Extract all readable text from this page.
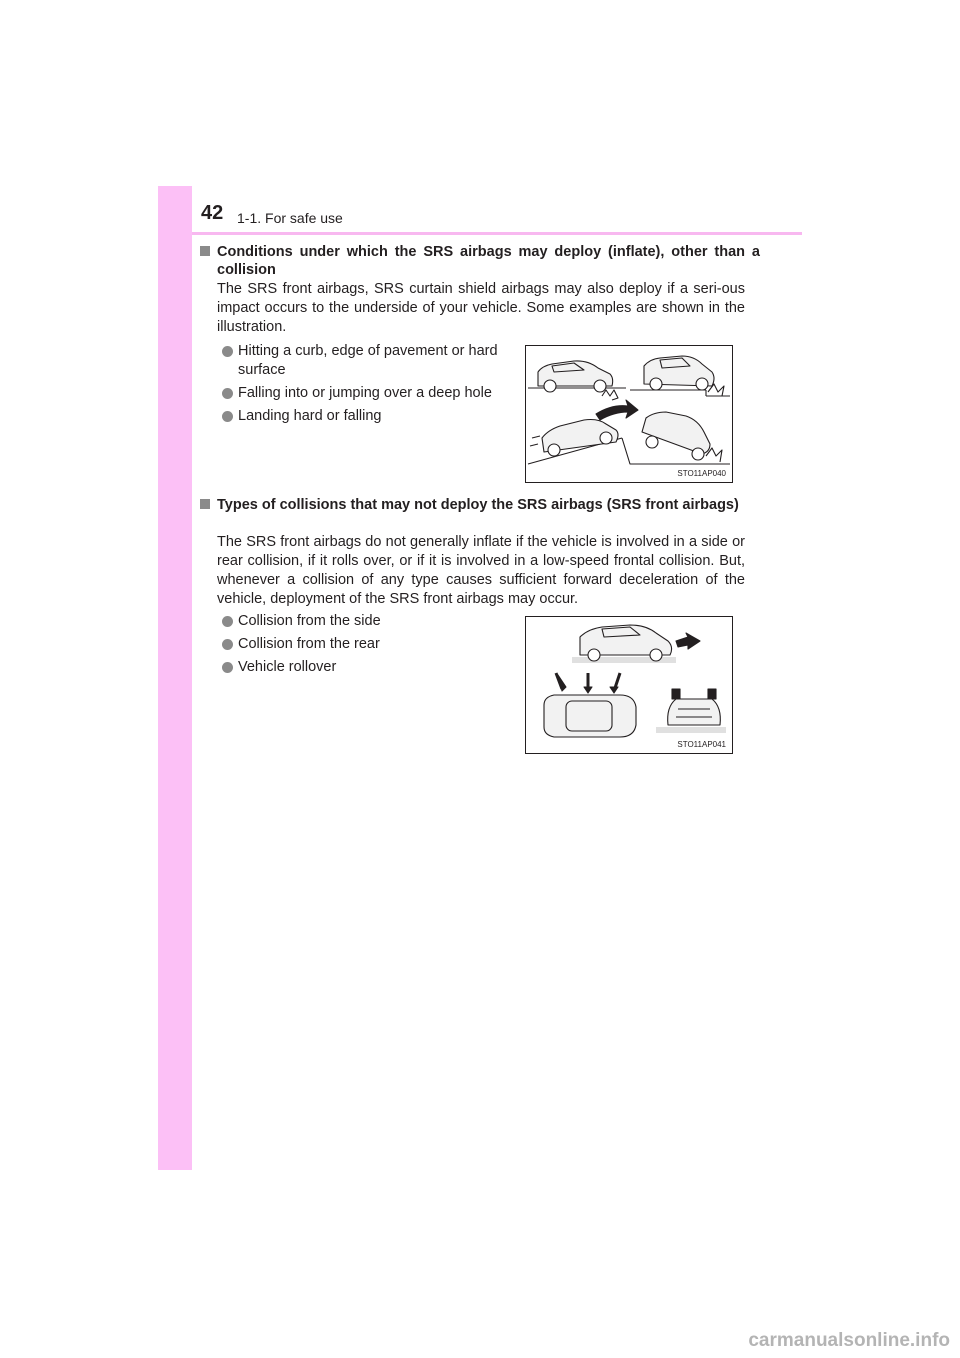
42 1-1. For safe use
Conditions under which the SRS airbags may deploy (inflate), other than a collision
The SRS front airbags, SRS curtain shield airbags may also deploy if a seri-ous impact occurs to the underside of your vehicle. Some examples are shown in the illustration.
Hitting a curb, edge of pavement or hard surface
Falling into or jumping over a deep hole
Landing hard or falling
STO11AP040
Types of collisions that may not deploy the SRS airbags (SRS front airbags)
The SRS front airbags do not generally inflate if the vehicle is involved in a side or rear collision, if it rolls over, or if it is involved in a low-speed frontal collision. But, whenever a collision of any type causes sufficient forward deceleration of the vehicle, deployment of the SRS front airbags may occur.
Collision from the side
Collision from the rear
Vehicle rollover
STO11AP041
carmanualsonline.info
